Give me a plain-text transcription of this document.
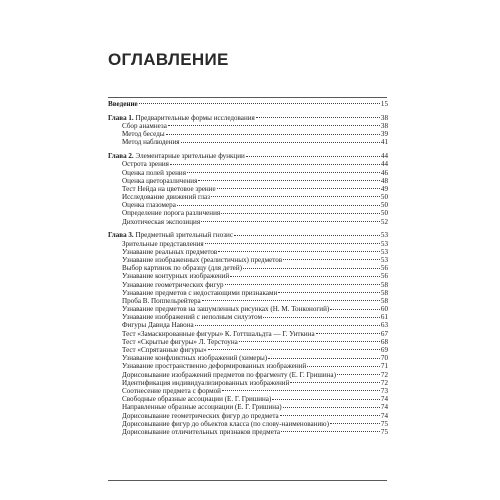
ОГЛАВЛЕНИЕ
Введение	15
Глава 1. Предварительные формы исследования	38
Сбор анамнеза	38
Метод беседы	39
Метод наблюдения	41
Глава 2. Элементарные зрительные функции	44
Острота зрения	44
Оценка полей зрения	46
Оценка цветоразличения	48
Тест Нейда на цветовое зрение	49
Исследование движений глаз	50
Оценка глазомера	50
Определение порога различения	50
Дихотическая экспозиция	52
Глава 3. Предметный зрительный гнозис	53
Зрительные представления	53
Узнавание реальных предметов	53
Узнавание изображенных (реалистичных) предметов	53
Выбор картинок по образцу (для детей)	56
Узнавание контурных изображений	56
Узнавание геометрических фигур	58
Узнавание предметов с недостающими признаками	58
Проба В. Поппельрейтера	58
Узнавание предметов на зашумленных рисунках (Н. М. Тонконогий)	60
Узнавание изображений с неполным силуэтом	61
Фигуры Давида Навона	63
Тест «Замаскированные фигуры» К. Готтшальдта — Г. Уиткина	67
Тест «Скрытые фигуры» Л. Терстоуна	68
Тест «Спрятанные фигуры»	69
Узнавание конфликтных изображений (химеры)	70
Узнавание пространственно деформированных изображений	71
Дорисовывание изображений предметов по фрагменту (Е. Г. Гришина)	72
Идентификация индивидуализированных изображений	72
Соотнесение предмета с формой	73
Свободные образные ассоциации (Е. Г. Гришина)	74
Направленные образные ассоциации (Е. Г. Гришина)	74
Дорисовывание геометрических фигур до предмета	74
Дорисовывание фигур до объектов класса (по слову-наименованию)	75
Дорисовывание отличительных признаков предмета	75
